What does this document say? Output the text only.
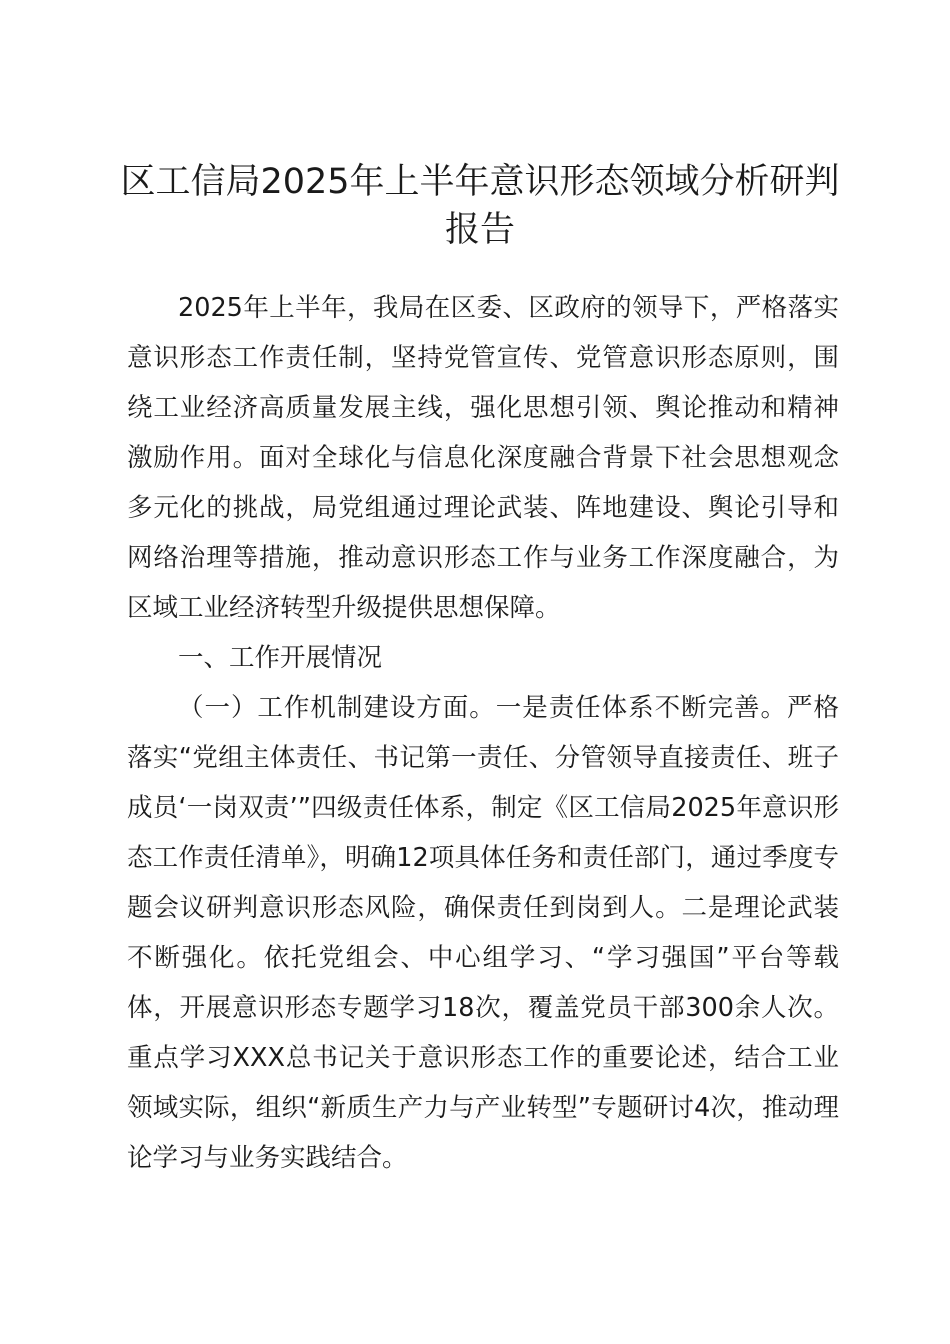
区工信局2025年上半年意识形态领域分析研判报告

2025年上半年，我局在区委、区政府的领导下，严格落实意识形态工作责任制，坚持党管宣传、党管意识形态原则，围绕工业经济高质量发展主线，强化思想引领、舆论推动和精神激励作用。面对全球化与信息化深度融合背景下社会思想观念多元化的挑战，局党组通过理论武装、阵地建设、舆论引导和网络治理等措施，推动意识形态工作与业务工作深度融合，为区域工业经济转型升级提供思想保障。

一、工作开展情况

（一）工作机制建设方面。一是责任体系不断完善。严格落实“党组主体责任、书记第一责任、分管领导直接责任、班子成员‘一岗双责’”四级责任体系，制定《区工信局2025年意识形态工作责任清单》，明确12项具体任务和责任部门，通过季度专题会议研判意识形态风险，确保责任到岗到人。二是理论武装不断强化。依托党组会、中心组学习、“学习强国”平台等载体，开展意识形态专题学习18次，覆盖党员干部300余人次。重点学习XXX总书记关于意识形态工作的重要论述，结合工业领域实际，组织“新质生产力与产业转型”专题研讨4次，推动理论学习与业务实践结合。
